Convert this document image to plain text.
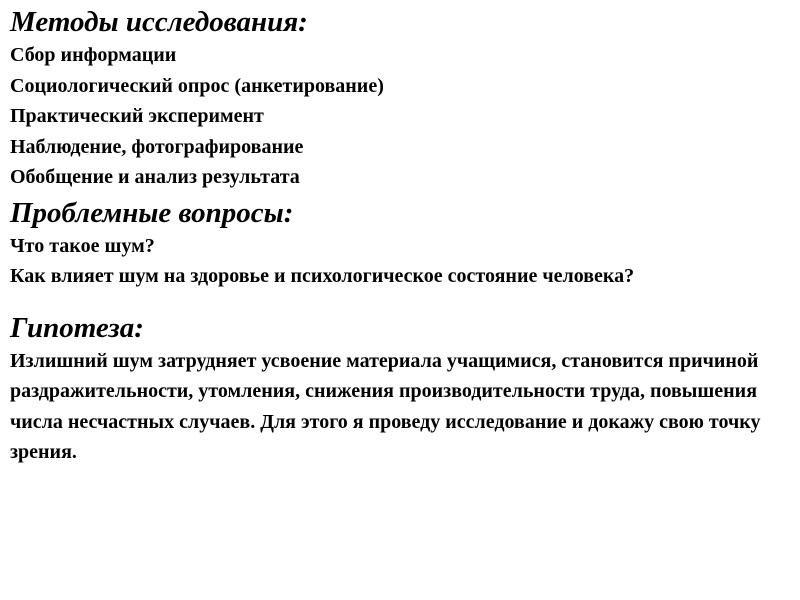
Методы исследования:
Сбор информации
Социологический опрос (анкетирование)
Практический эксперимент
Наблюдение, фотографирование
Обобщение и анализ результата
Проблемные вопросы:
Что такое шум?
Как влияет шум на здоровье и психологическое состояние человека?
Гипотеза:

Излишний шум затрудняет усвоение материала учащимися, становится причиной раздражительности, утомления, снижения производительности труда, повышения числа несчастных случаев. Для этого я проведу исследование и докажу свою точку зрения.
